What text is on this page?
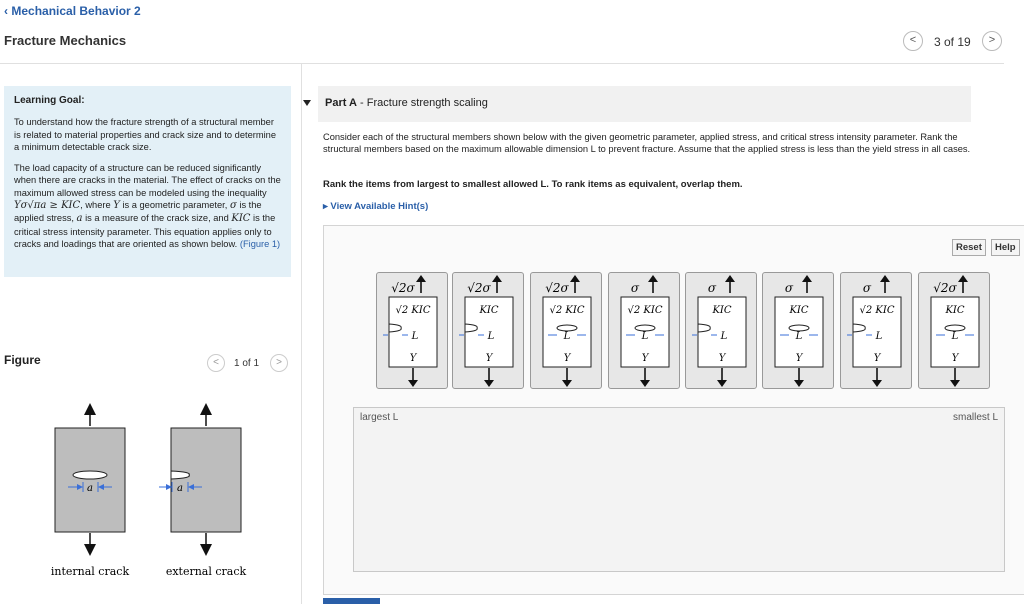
‹ Mechanical Behavior 2
Fracture Mechanics	<	3 of 19	>
Learning Goal:

To understand how the fracture strength of a structural member is related to material properties and crack size and to determine a minimum detectable crack size.

The load capacity of a structure can be reduced significantly when there are cracks in the material. The effect of cracks on the maximum allowed stress can be modeled using the inequality Yσ√πa ≥ KIC, where Y is a geometric parameter, σ is the applied stress, a is a measure of the crack size, and KIC is the critical stress intensity parameter. This equation applies only to cracks and loadings that are oriented as shown below. (Figure 1)

Figure	<	1 of 1	>
a
internal crack
a
external crack
Part A - Fracture strength scaling
Consider each of the structural members shown below with the given geometric parameter, applied stress, and critical stress intensity parameter. Rank the structural members based on the maximum allowable dimension L to prevent fracture. Assume that the applied stress is less than the yield stress in all cases.
Rank the items from largest to smallest allowed L. To rank items as equivalent, overlap them.
▸ View Available Hint(s)
Reset	Help
√2σ
√2 KIC
L
Y
√2σ
KIC
L
Y
√2σ
√2 KIC
L
Y
σ
√2 KIC
L
Y
σ
KIC
L
Y
σ
KIC
L
Y
σ
√2 KIC
L
Y
√2σ
KIC
L
Y
largest L	smallest L
